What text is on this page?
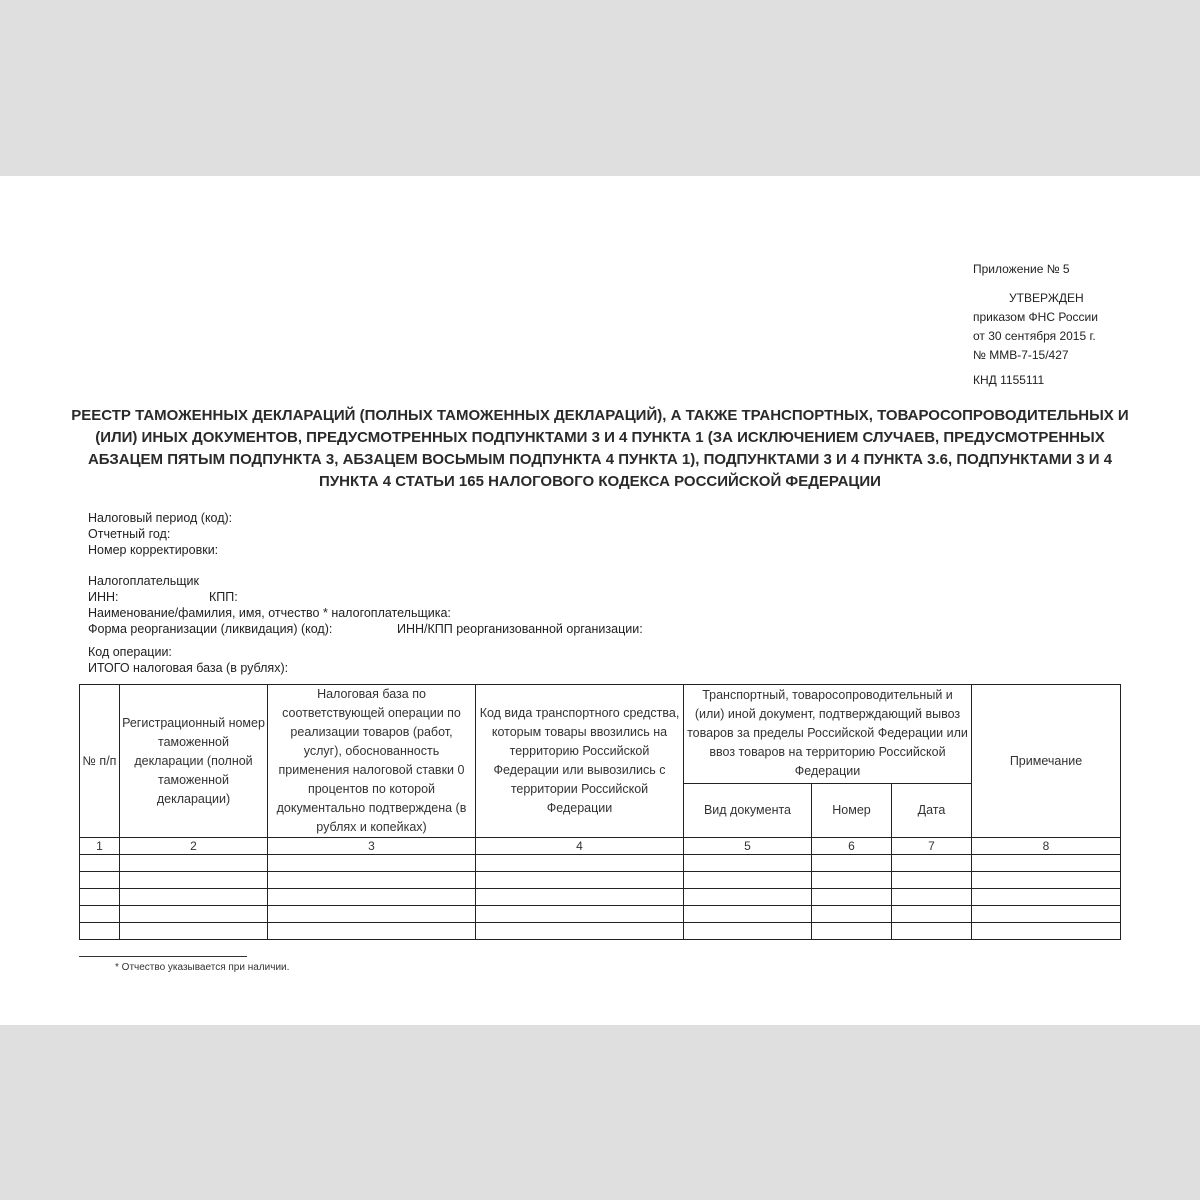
Приложение № 5
УТВЕРЖДЕН
приказом ФНС России
от 30 сентября 2015 г.
№ ММВ-7-15/427
КНД 1155111
РЕЕСТР ТАМОЖЕННЫХ ДЕКЛАРАЦИЙ (ПОЛНЫХ ТАМОЖЕННЫХ ДЕКЛАРАЦИЙ), А ТАКЖЕ ТРАНСПОРТНЫХ, ТОВАРОСОПРОВОДИТЕЛЬНЫХ И (ИЛИ) ИНЫХ ДОКУМЕНТОВ, ПРЕДУСМОТРЕННЫХ ПОДПУНКТАМИ 3 И 4 ПУНКТА 1 (ЗА ИСКЛЮЧЕНИЕМ СЛУЧАЕВ, ПРЕДУСМОТРЕННЫХ АБЗАЦЕМ ПЯТЫМ ПОДПУНКТА 3, АБЗАЦЕМ ВОСЬМЫМ ПОДПУНКТА 4 ПУНКТА 1), ПОДПУНКТАМИ 3 И 4 ПУНКТА 3.6, ПОДПУНКТАМИ 3 И 4 ПУНКТА 4 СТАТЬИ 165 НАЛОГОВОГО КОДЕКСА РОССИЙСКОЙ ФЕДЕРАЦИИ
Налоговый период (код):
Отчетный год:
Номер корректировки:
Налогоплательщик
ИНН:	КПП:
Наименование/фамилия, имя, отчество * налогоплательщика:
Форма реорганизации (ликвидация) (код):	ИНН/КПП реорганизованной организации:
Код операции:
ИТОГО налоговая база (в рублях):
№ п/п	Регистрационный номер таможенной декларации (полной таможенной декларации)	Налоговая база по соответствующей операции по реализации товаров (работ, услуг), обоснованность применения налоговой ставки 0 процентов по которой документально подтверждена (в рублях и копейках)	Код вида транспортного средства, которым товары ввозились на территорию Российской Федерации или вывозились с территории Российской Федерации	Транспортный, товаросопроводительный и (или) иной документ, подтверждающий вывоз товаров за пределы Российской Федерации или ввоз товаров на территорию Российской Федерации			Примечание
				Вид документа	Номер	Дата	
1	2	3	4	5	6	7	8

* Отчество указывается при наличии.
